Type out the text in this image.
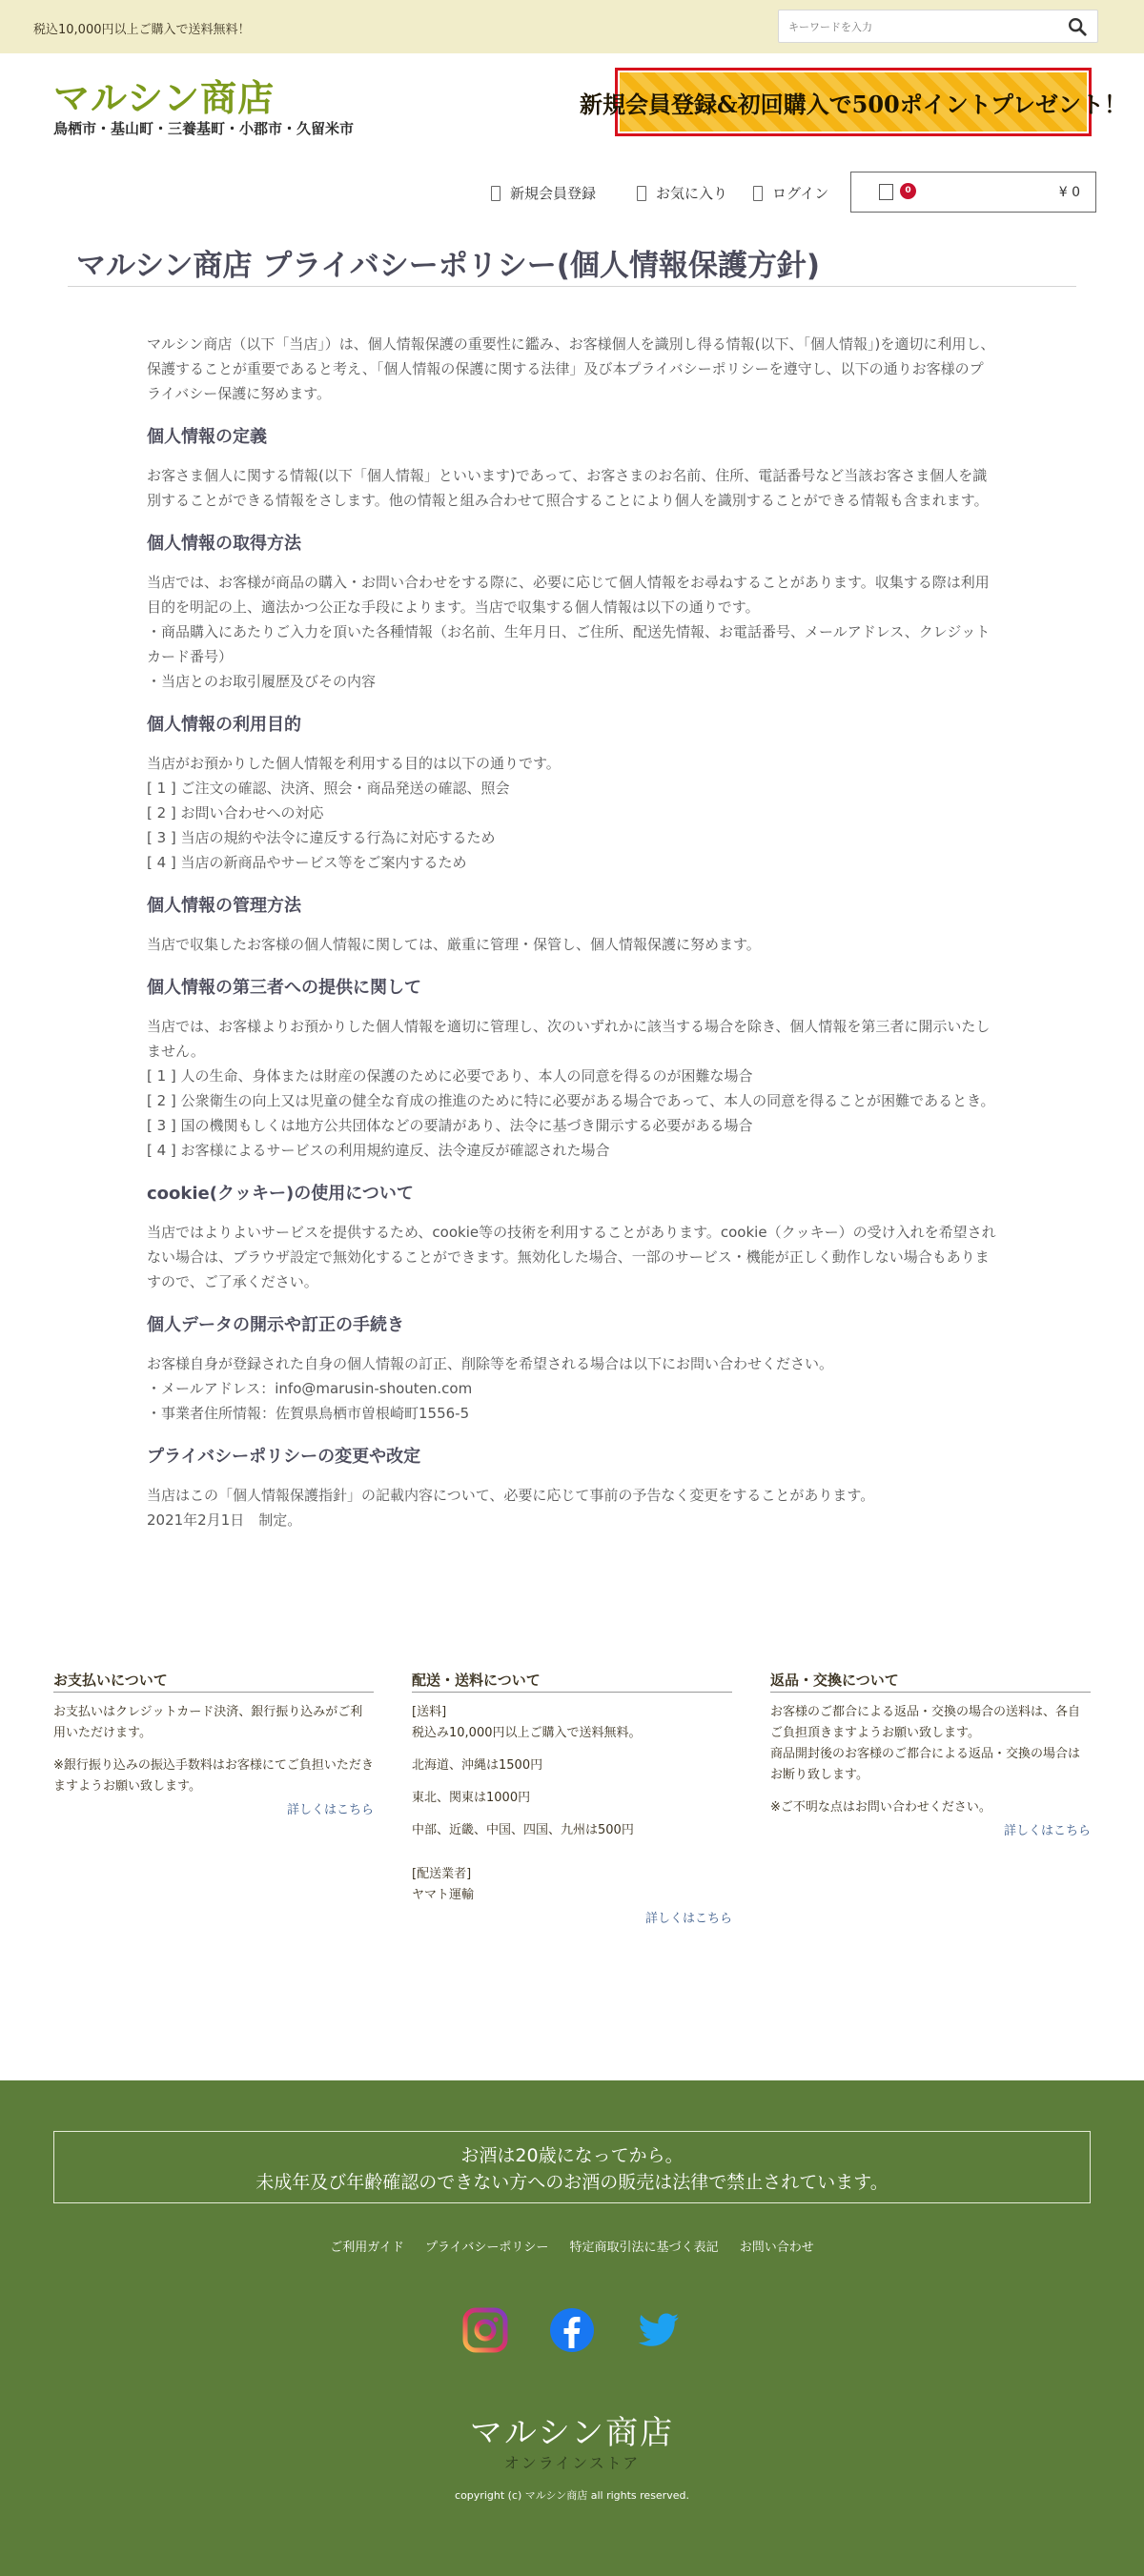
税込10,000円以上ご購入で送料無料！
キーワードを入力
マルシン商店
鳥栖市・基山町・三養基町・小郡市・久留米市
新規会員登録&初回購入で500ポイントプレゼント！
新規会員登録	お気に入り	ログイン	0	¥ 0
マルシン商店 プライバシーポリシー(個人情報保護方針)

マルシン商店（以下「当店」）は、個人情報保護の重要性に鑑み、お客様個人を識別し得る情報(以下、「個人情報」)を適切に利用し、保護することが重要であると考え、「個人情報の保護に関する法律」及び本プライバシーポリシーを遵守し、以下の通りお客様のプライバシー保護に努めます。

個人情報の定義
お客さま個人に関する情報(以下「個人情報」といいます)であって、お客さまのお名前、住所、電話番号など当該お客さま個人を識別することができる情報をさします。他の情報と組み合わせて照合することにより個人を識別することができる情報も含まれます。
個人情報の取得方法
当店では、お客様が商品の購入・お問い合わせをする際に、必要に応じて個人情報をお尋ねすることがあります。収集する際は利用目的を明記の上、適法かつ公正な手段によります。当店で収集する個人情報は以下の通りです。
・商品購入にあたりご入力を頂いた各種情報（お名前、生年月日、ご住所、配送先情報、お電話番号、メールアドレス、クレジットカード番号）
・当店とのお取引履歴及びその内容
個人情報の利用目的
当店がお預かりした個人情報を利用する目的は以下の通りです。
[ 1 ] ご注文の確認、決済、照会・商品発送の確認、照会
[ 2 ] お問い合わせへの対応
[ 3 ] 当店の規約や法令に違反する行為に対応するため
[ 4 ] 当店の新商品やサービス等をご案内するため
個人情報の管理方法
当店で収集したお客様の個人情報に関しては、厳重に管理・保管し、個人情報保護に努めます。
個人情報の第三者への提供に関して
当店では、お客様よりお預かりした個人情報を適切に管理し、次のいずれかに該当する場合を除き、個人情報を第三者に開示いたしません。
[ 1 ] 人の生命、身体または財産の保護のために必要であり、本人の同意を得るのが困難な場合
[ 2 ] 公衆衛生の向上又は児童の健全な育成の推進のために特に必要がある場合であって、本人の同意を得ることが困難であるとき。
[ 3 ] 国の機関もしくは地方公共団体などの要請があり、法令に基づき開示する必要がある場合
[ 4 ] お客様によるサービスの利用規約違反、法令違反が確認された場合
cookie(クッキー)の使用について
当店ではよりよいサービスを提供するため、cookie等の技術を利用することがあります。cookie（クッキー）の受け入れを希望されない場合は、ブラウザ設定で無効化することができます。無効化した場合、一部のサービス・機能が正しく動作しない場合もありますので、ご了承ください。
個人データの開示や訂正の手続き
お客様自身が登録された自身の個人情報の訂正、削除等を希望される場合は以下にお問い合わせください。
・メールアドレス：info@marusin-shouten.com
・事業者住所情報：佐賀県鳥栖市曽根崎町1556-5
プライバシーポリシーの変更や改定
当店はこの「個人情報保護指針」の記載内容について、必要に応じて事前の予告なく変更をすることがあります。
2021年2月1日　制定。
お支払いについて
お支払いはクレジットカード決済、銀行振り込みがご利用いただけます。
※銀行振り込みの振込手数料はお客様にてご負担いただきますようお願い致します。
詳しくはこちら
配送・送料について
[送料]
税込み10,000円以上ご購入で送料無料。
北海道、沖縄は1500円
東北、関東は1000円
中部、近畿、中国、四国、九州は500円
[配送業者]
ヤマト運輸
詳しくはこちら
返品・交換について
お客様のご都合による返品・交換の場合の送料は、各自ご負担頂きますようお願い致します。
商品開封後のお客様のご都合による返品・交換の場合はお断り致します。
※ご不明な点はお問い合わせください。
詳しくはこちら
お酒は20歳になってから。
未成年及び年齢確認のできない方へのお酒の販売は法律で禁止されています。
ご利用ガイド プライバシーポリシー 特定商取引法に基づく表記 お問い合わせ
マルシン商店
オンラインストア
copyright (c) マルシン商店 all rights reserved.
